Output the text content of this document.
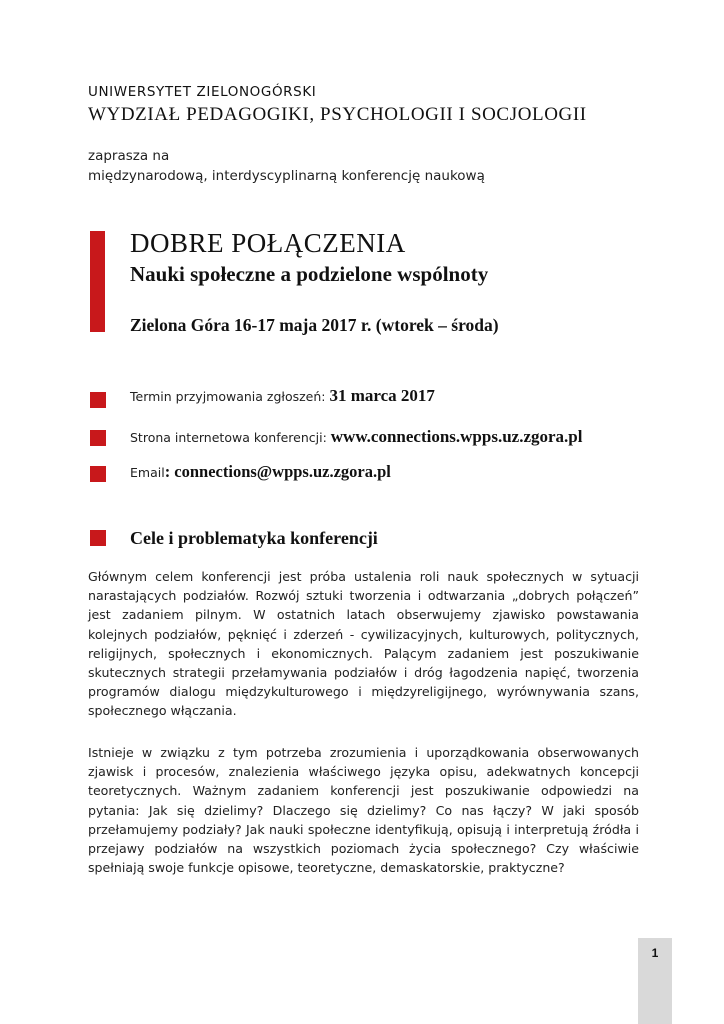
UNIWERSYTET ZIELONOGÓRSKI
WYDZIAŁ PEDAGOGIKI, PSYCHOLOGII I SOCJOLOGII
zaprasza na
międzynarodową, interdyscyplinarną konferencję naukową
DOBRE POŁĄCZENIA
Nauki społeczne a podzielone wspólnoty
Zielona Góra 16-17 maja 2017 r. (wtorek – środa)
Termin przyjmowania zgłoszeń: 31 marca 2017
Strona internetowa konferencji: www.connections.wpps.uz.zgora.pl
Email: connections@wpps.uz.zgora.pl
Cele i problematyka konferencji
Głównym celem konferencji jest próba ustalenia roli nauk społecznych w sytuacji narastających podziałów. Rozwój sztuki tworzenia i odtwarzania „dobrych połączeń” jest zadaniem pilnym. W ostatnich latach obserwujemy zjawisko powstawania kolejnych podziałów, pęknięć i zderzeń - cywilizacyjnych, kulturowych, politycznych, religijnych, społecznych i ekonomicznych. Palącym zadaniem jest poszukiwanie skutecznych strategii przełamywania podziałów i dróg łagodzenia napięć, tworzenia programów dialogu międzykulturowego i międzyreligijnego, wyrównywania szans, społecznego włączania.
Istnieje w związku z tym potrzeba zrozumienia i uporządkowania obserwowanych zjawisk i procesów, znalezienia właściwego języka opisu, adekwatnych koncepcji teoretycznych. Ważnym zadaniem konferencji jest poszukiwanie odpowiedzi na pytania: Jak się dzielimy? Dlaczego się dzielimy? Co nas łączy? W jaki sposób przełamujemy podziały? Jak nauki społeczne identyfikują, opisują i interpretują źródła i przejawy podziałów na wszystkich poziomach życia społecznego? Czy właściwie spełniają swoje funkcje opisowe, teoretyczne, demaskatorskie, praktyczne?
1
